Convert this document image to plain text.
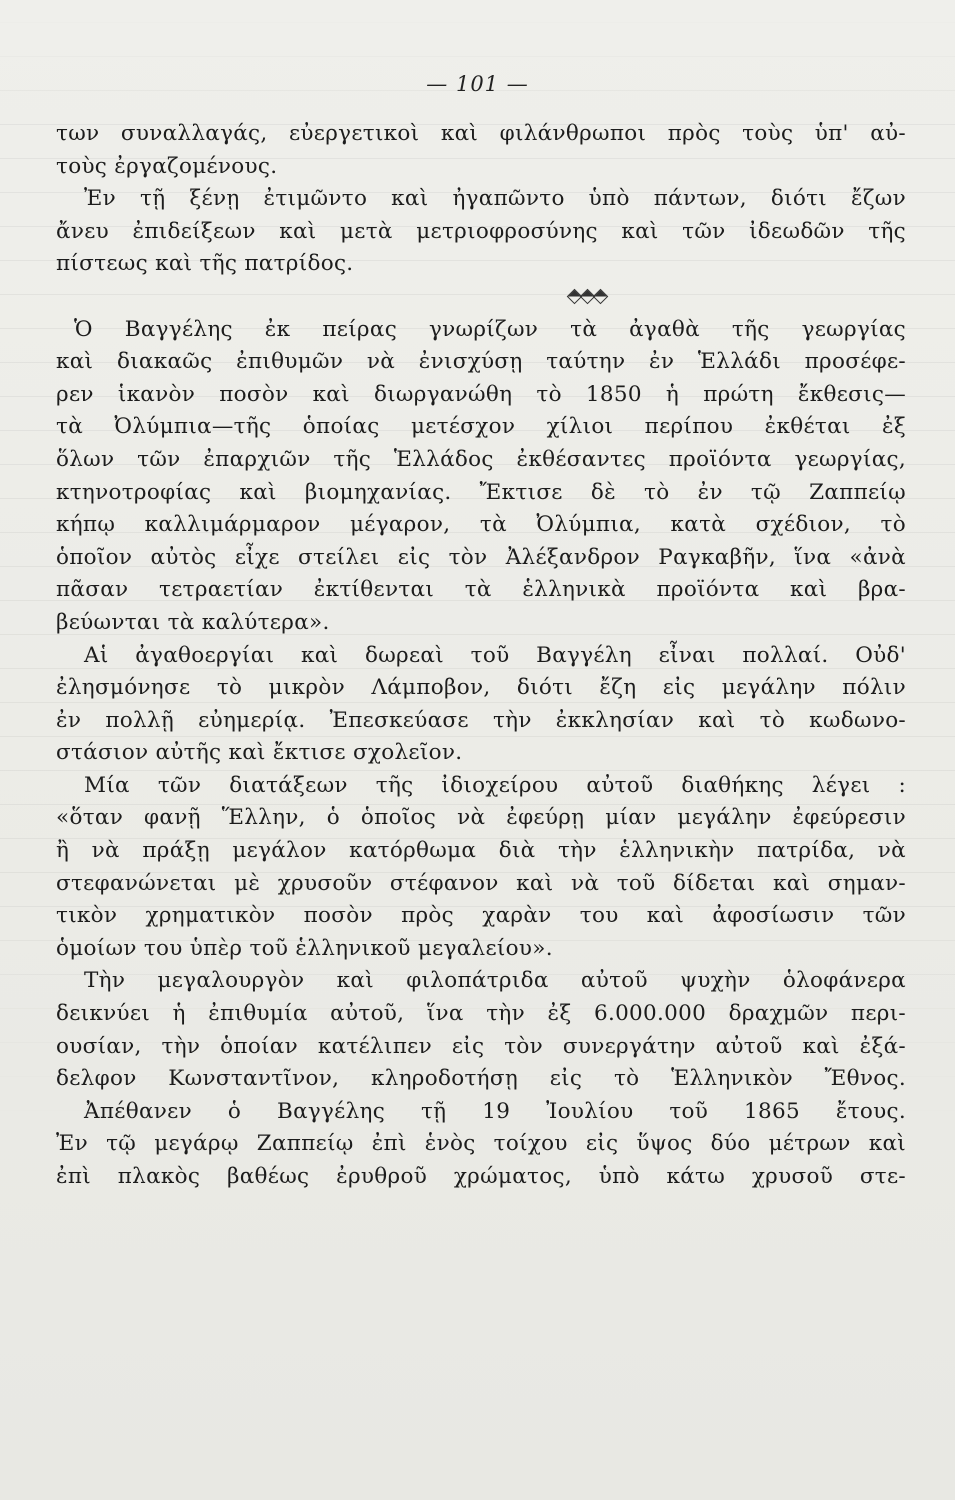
— 101 —
των συναλλαγάς, εὐεργετικοὶ καὶ φιλάνθρωποι πρὸς τοὺς ὑπ' αὐ-
τοὺς ἐργαζομένους.
Ἐν τῇ ξένῃ ἐτιμῶντο καὶ ἠγαπῶντο ὑπὸ πάντων, διότι ἔζων
ἄνευ ἐπιδείξεων καὶ μετὰ μετριοφροσύνης καὶ τῶν ἰδεωδῶν τῆς
πίστεως καὶ τῆς πατρίδος.
Ὁ Βαγγέλης ἐκ πείρας γνωρίζων τὰ ἀγαθὰ τῆς γεωργίας
καὶ διακαῶς ἐπιθυμῶν νὰ ἐνισχύσῃ ταύτην ἐν Ἑλλάδι προσέφε-
ρεν ἱκανὸν ποσὸν καὶ διωργανώθη τὸ 1850 ἡ πρώτη ἔκθεσις—
τὰ Ὀλύμπια—τῆς ὁποίας μετέσχον χίλιοι περίπου ἐκθέται ἐξ
ὅλων τῶν ἐπαρχιῶν τῆς Ἑλλάδος ἐκθέσαντες προϊόντα γεωργίας,
κτηνοτροφίας καὶ βιομηχανίας. Ἔκτισε δὲ τὸ ἐν τῷ Ζαππείῳ
κήπῳ καλλιμάρμαρον μέγαρον, τὰ Ὀλύμπια, κατὰ σχέδιον, τὸ
ὁποῖον αὐτὸς εἶχε στείλει εἰς τὸν Ἀλέξανδρον Ραγκαβῆν, ἵνα «ἀνὰ
πᾶσαν τετραετίαν ἐκτίθενται τὰ ἑλληνικὰ προϊόντα καὶ βρα-
βεύωνται τὰ καλύτερα».
Αἱ ἀγαθοεργίαι καὶ δωρεαὶ τοῦ Βαγγέλη εἶναι πολλαί. Οὐδ'
ἐλησμόνησε τὸ μικρὸν Λάμποβον, διότι ἔζη εἰς μεγάλην πόλιν
ἐν πολλῇ εὐημερίᾳ. Ἐπεσκεύασε τὴν ἐκκλησίαν καὶ τὸ κωδωνο-
στάσιον αὐτῆς καὶ ἔκτισε σχολεῖον.
Μία τῶν διατάξεων τῆς ἰδιοχείρου αὐτοῦ διαθήκης λέγει :
«ὅταν φανῇ Ἕλλην, ὁ ὁποῖος νὰ ἐφεύρῃ μίαν μεγάλην ἐφεύρεσιν
ἢ νὰ πράξῃ μεγάλον κατόρθωμα διὰ τὴν ἑλληνικὴν πατρίδα, νὰ
στεφανώνεται μὲ χρυσοῦν στέφανον καὶ νὰ τοῦ δίδεται καὶ σημαν-
τικὸν χρηματικὸν ποσὸν πρὸς χαρὰν του καὶ ἀφοσίωσιν τῶν
ὁμοίων του ὑπὲρ τοῦ ἑλληνικοῦ μεγαλείου».
Τὴν μεγαλουργὸν καὶ φιλοπάτριδα αὐτοῦ ψυχὴν ὁλοφάνερα
δεικνύει ἡ ἐπιθυμία αὐτοῦ, ἵνα τὴν ἐξ 6.000.000 δραχμῶν περι-
ουσίαν, τὴν ὁποίαν κατέλιπεν εἰς τὸν συνεργάτην αὐτοῦ καὶ ἐξά-
δελφον Κωνσταντῖνον, κληροδοτήσῃ εἰς τὸ Ἑλληνικὸν Ἔθνος.
Ἀπέθανεν ὁ Βαγγέλης τῇ 19 Ἰουλίου τοῦ 1865 ἔτους.
Ἐν τῷ μεγάρῳ Ζαππείῳ ἐπὶ ἑνὸς τοίχου εἰς ὕψος δύο μέτρων καὶ
ἐπὶ πλακὸς βαθέως ἐρυθροῦ χρώματος, ὑπὸ κάτω χρυσοῦ στε-
